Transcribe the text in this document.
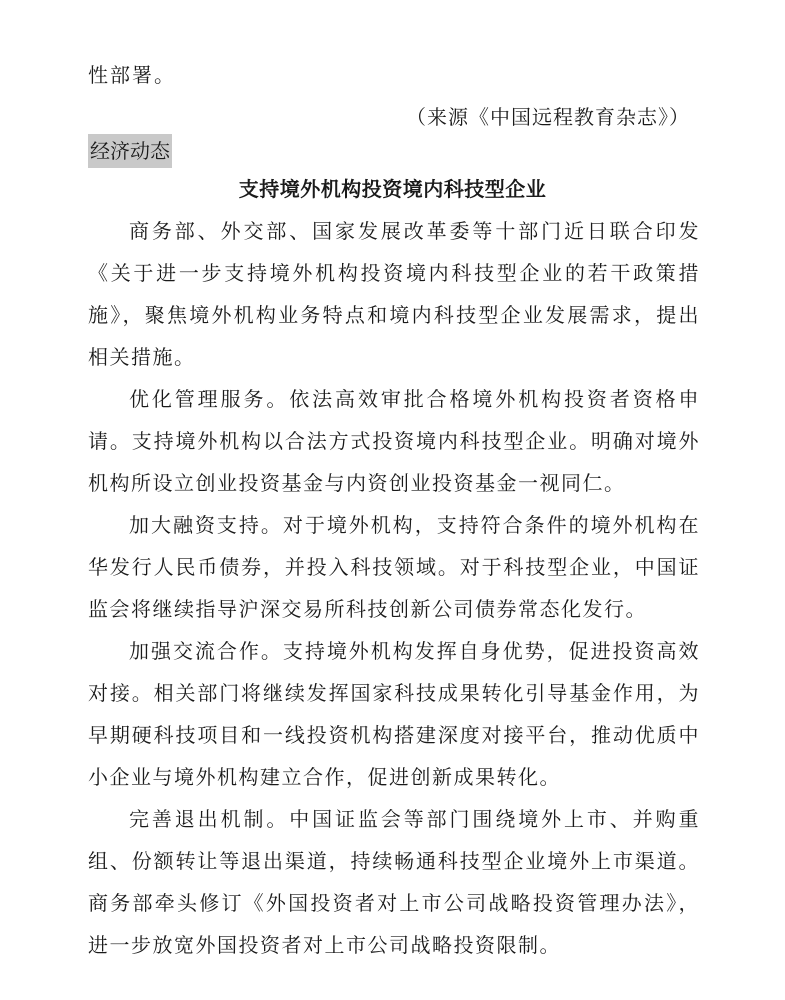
性部署。
（来源《中国远程教育杂志》）
经济动态
支持境外机构投资境内科技型企业

商务部、外交部、国家发展改革委等十部门近日联合印发《关于进一步支持境外机构投资境内科技型企业的若干政策措施》，聚焦境外机构业务特点和境内科技型企业发展需求，提出相关措施。

优化管理服务。依法高效审批合格境外机构投资者资格申请。支持境外机构以合法方式投资境内科技型企业。明确对境外机构所设立创业投资基金与内资创业投资基金一视同仁。

加大融资支持。对于境外机构，支持符合条件的境外机构在华发行人民币债券，并投入科技领域。对于科技型企业，中国证监会将继续指导沪深交易所科技创新公司债券常态化发行。

加强交流合作。支持境外机构发挥自身优势，促进投资高效对接。相关部门将继续发挥国家科技成果转化引导基金作用，为早期硬科技项目和一线投资机构搭建深度对接平台，推动优质中小企业与境外机构建立合作，促进创新成果转化。

完善退出机制。中国证监会等部门围绕境外上市、并购重组、份额转让等退出渠道，持续畅通科技型企业境外上市渠道。商务部牵头修订《外国投资者对上市公司战略投资管理办法》，进一步放宽外国投资者对上市公司战略投资限制。
